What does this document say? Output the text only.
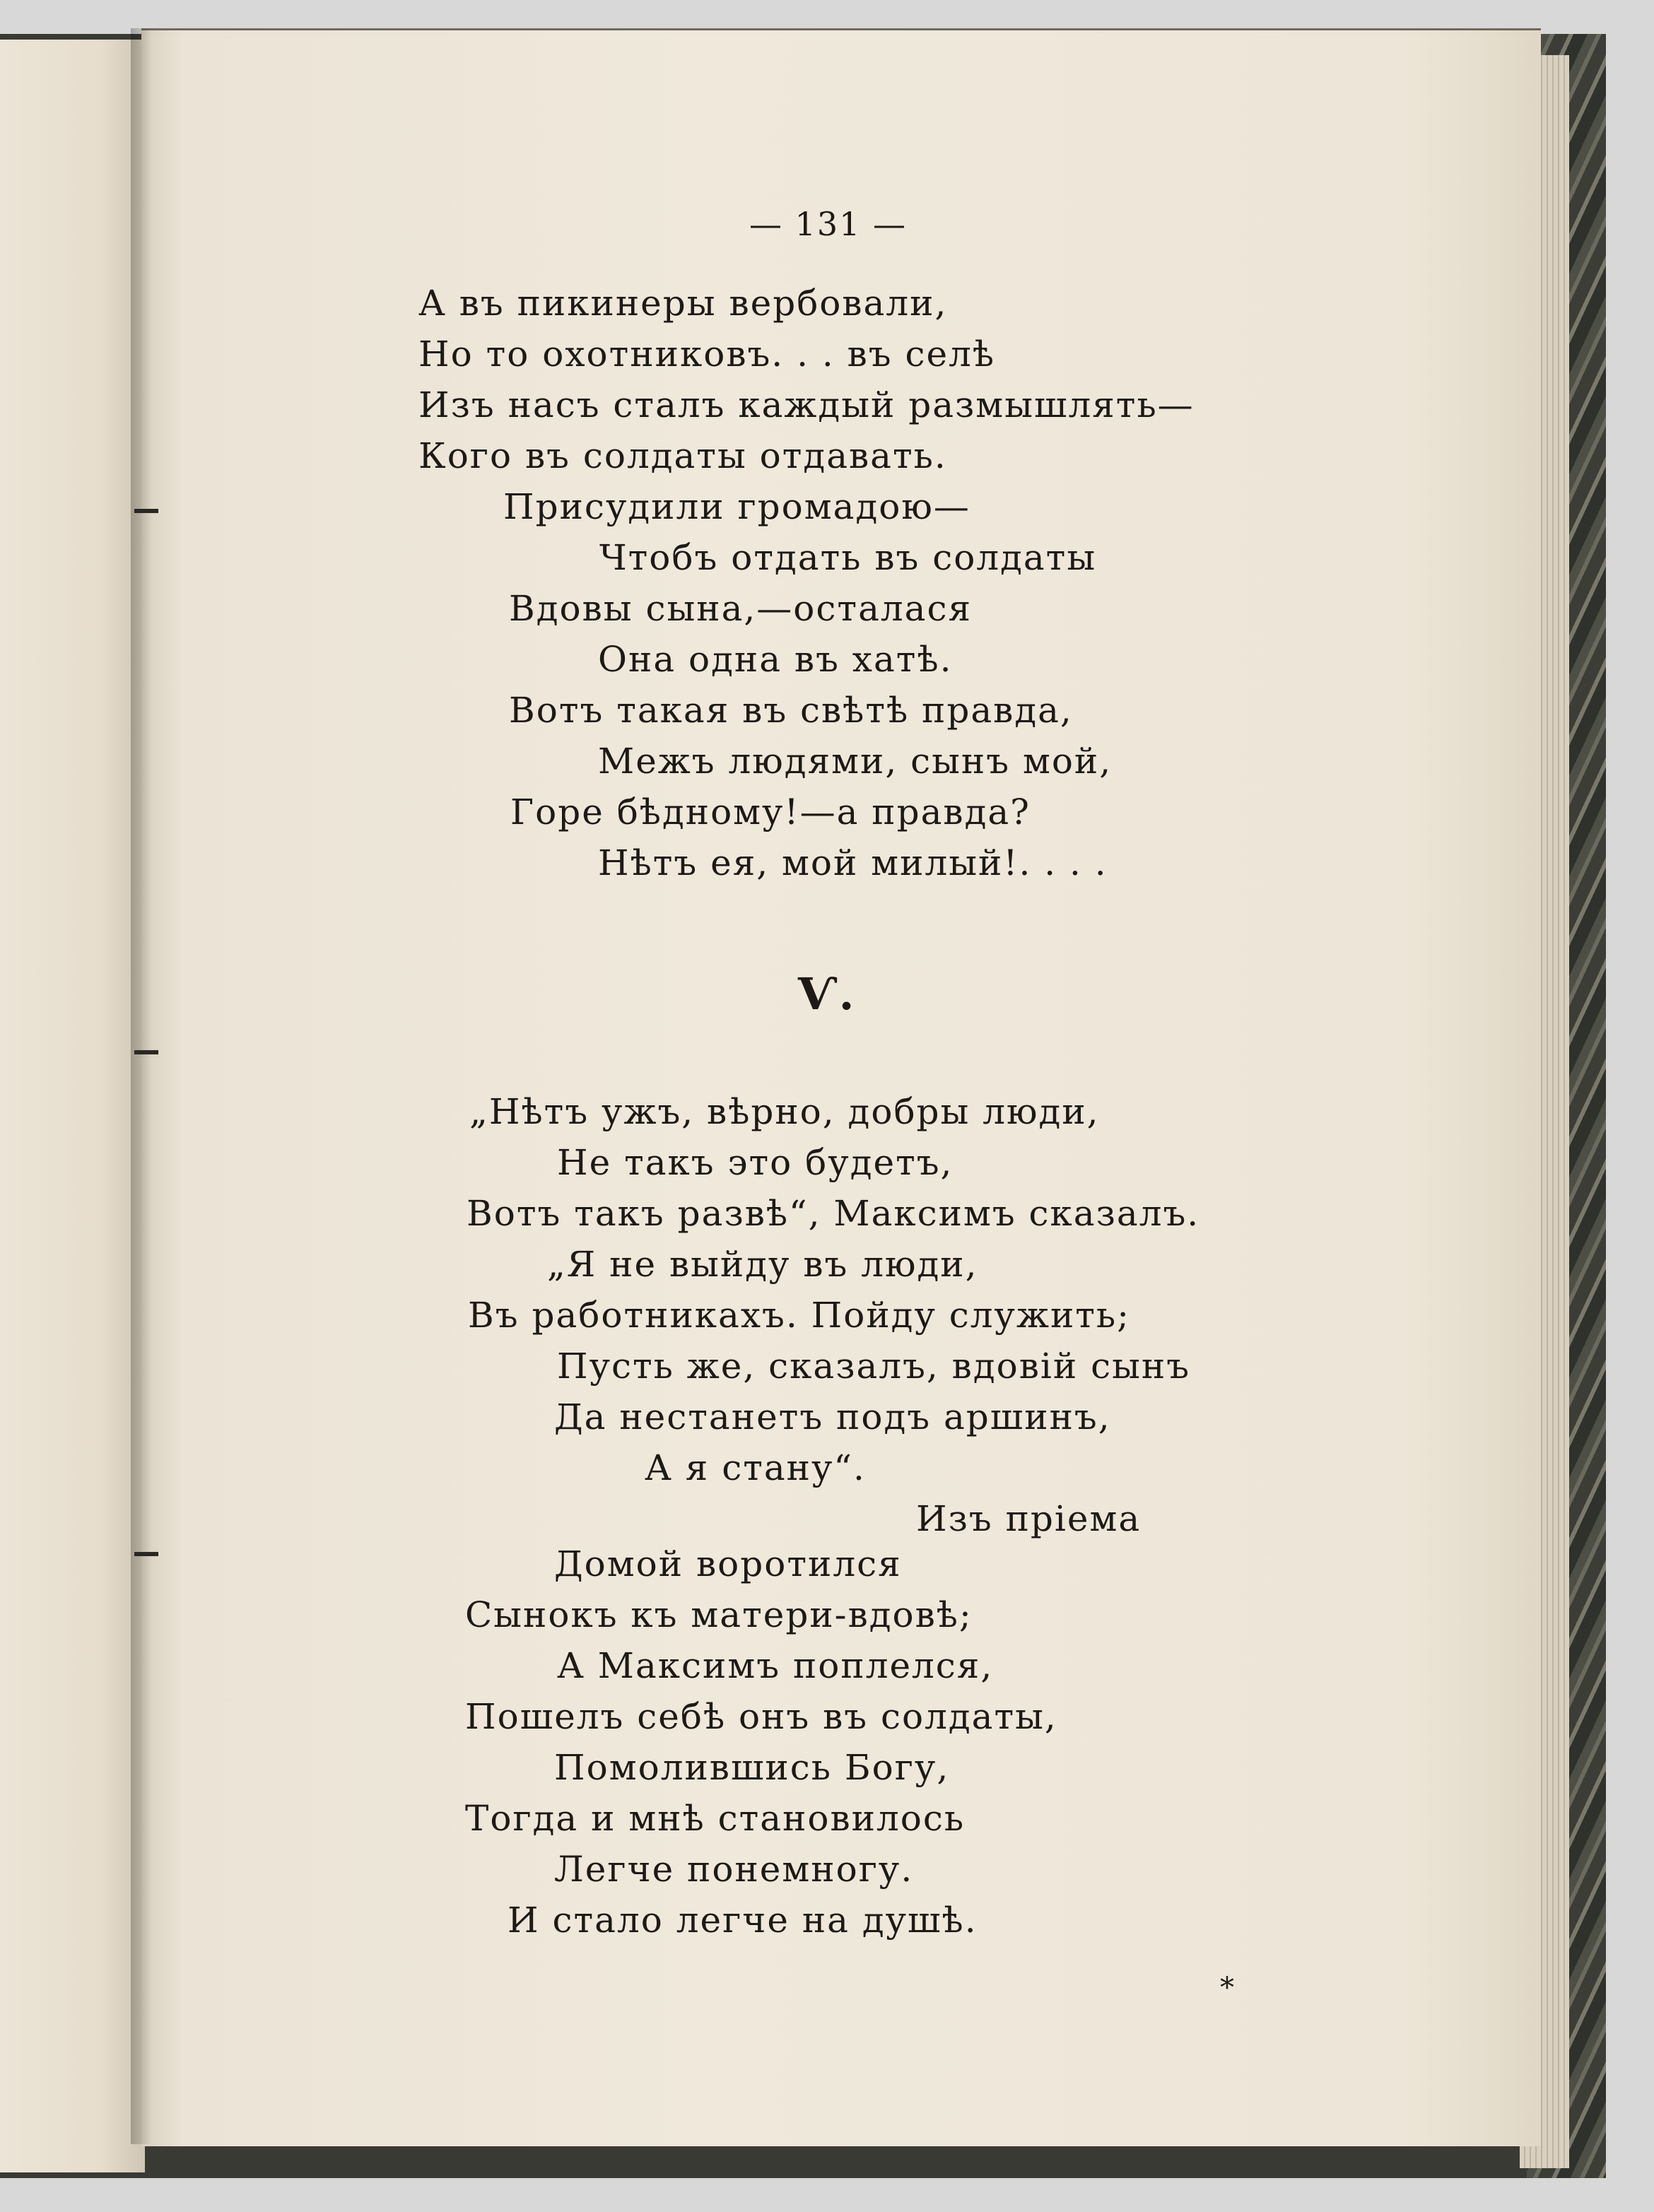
— 131 —

А въ пикинеры вербовали,

Но то охотниковъ. . . въ селѣ

Изъ насъ сталъ каждый размышлять—

Кого въ солдаты отдавать.

Присудили громадою—

Чтобъ отдать въ солдаты

Вдовы сына,—осталася

Она одна въ хатѣ.

Вотъ такая въ свѣтѣ правда,

Межъ людями, сынъ мой,

Горе бѣдному!—а правда?

Нѣтъ ея, мой милый!. . . .

Ѵ.

„Нѣтъ ужъ, вѣрно, добры люди,

Не такъ это будетъ,

Вотъ такъ развѣ“, Максимъ сказалъ.

„Я не выйду въ люди,

Въ работникахъ. Пойду служить;

Пусть же, сказалъ, вдовій сынъ

Да нестанетъ подъ аршинъ,

А я стану“.

Изъ пріема

Домой воротился

Сынокъ къ матери-вдовѣ;

А Максимъ поплелся,

Пошелъ себѣ онъ въ солдаты,

Помолившись Богу,

Тогда и мнѣ становилось

Легче понемногу.

И стало легче на душѣ.

*
